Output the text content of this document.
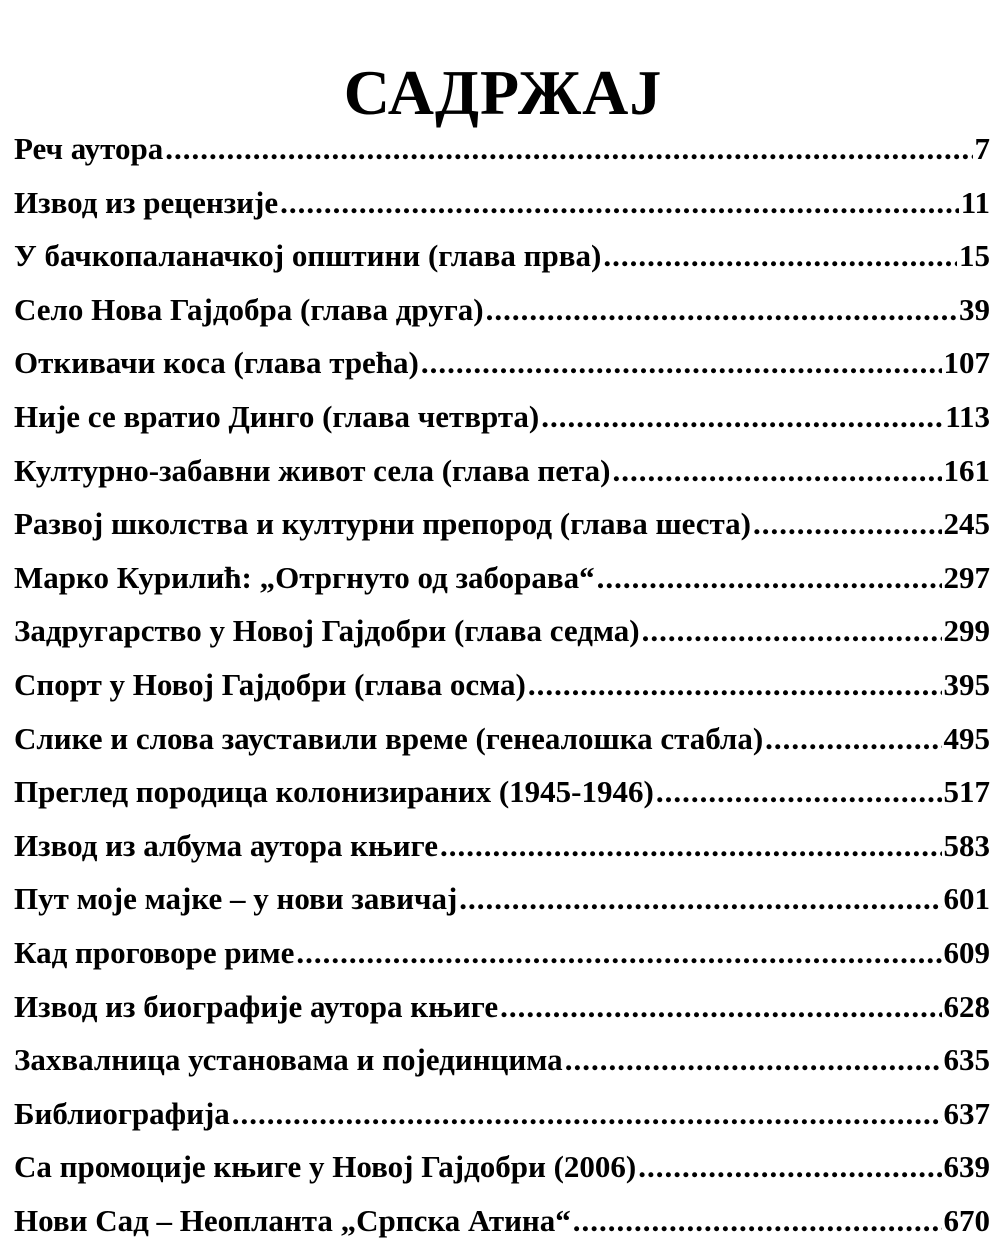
САДРЖАЈ
Реч аутора .....	7
Извод из рецензије .....	11
У бачкопаланачкој општини (глава прва) .....	15
Село Нова Гајдобра (глава друга) .....	39
Откивачи коса (глава трећа) .....	107
Није се вратио Динго (глава четврта) .....	113
Културно-забавни живот села (глава пета) .....	161
Развој школства и културни препород (глава шеста) .....	245
Марко Курилић: „Отргнуто од заборава“ .....	297
Задругарство у Новој Гајдобри (глава седма) .....	299
Спорт у Новој Гајдобри (глава осма) .....	395
Слике и слова зауставили време (генеалошка стабла) .....	495
Преглед породица колонизираних (1945-1946) .....	517
Извод из албума аутора књиге .....	583
Пут моје мајке – у нови завичај .....	601
Кад проговоре риме .....	609
Извод из биографије аутора књиге .....	628
Захвалница установама и појединцима .....	635
Библиографија .....	637
Са промоције књиге у Новој Гајдобри (2006) .....	639
Нови Сад – Неопланта „Српска Атина“ .....	670
